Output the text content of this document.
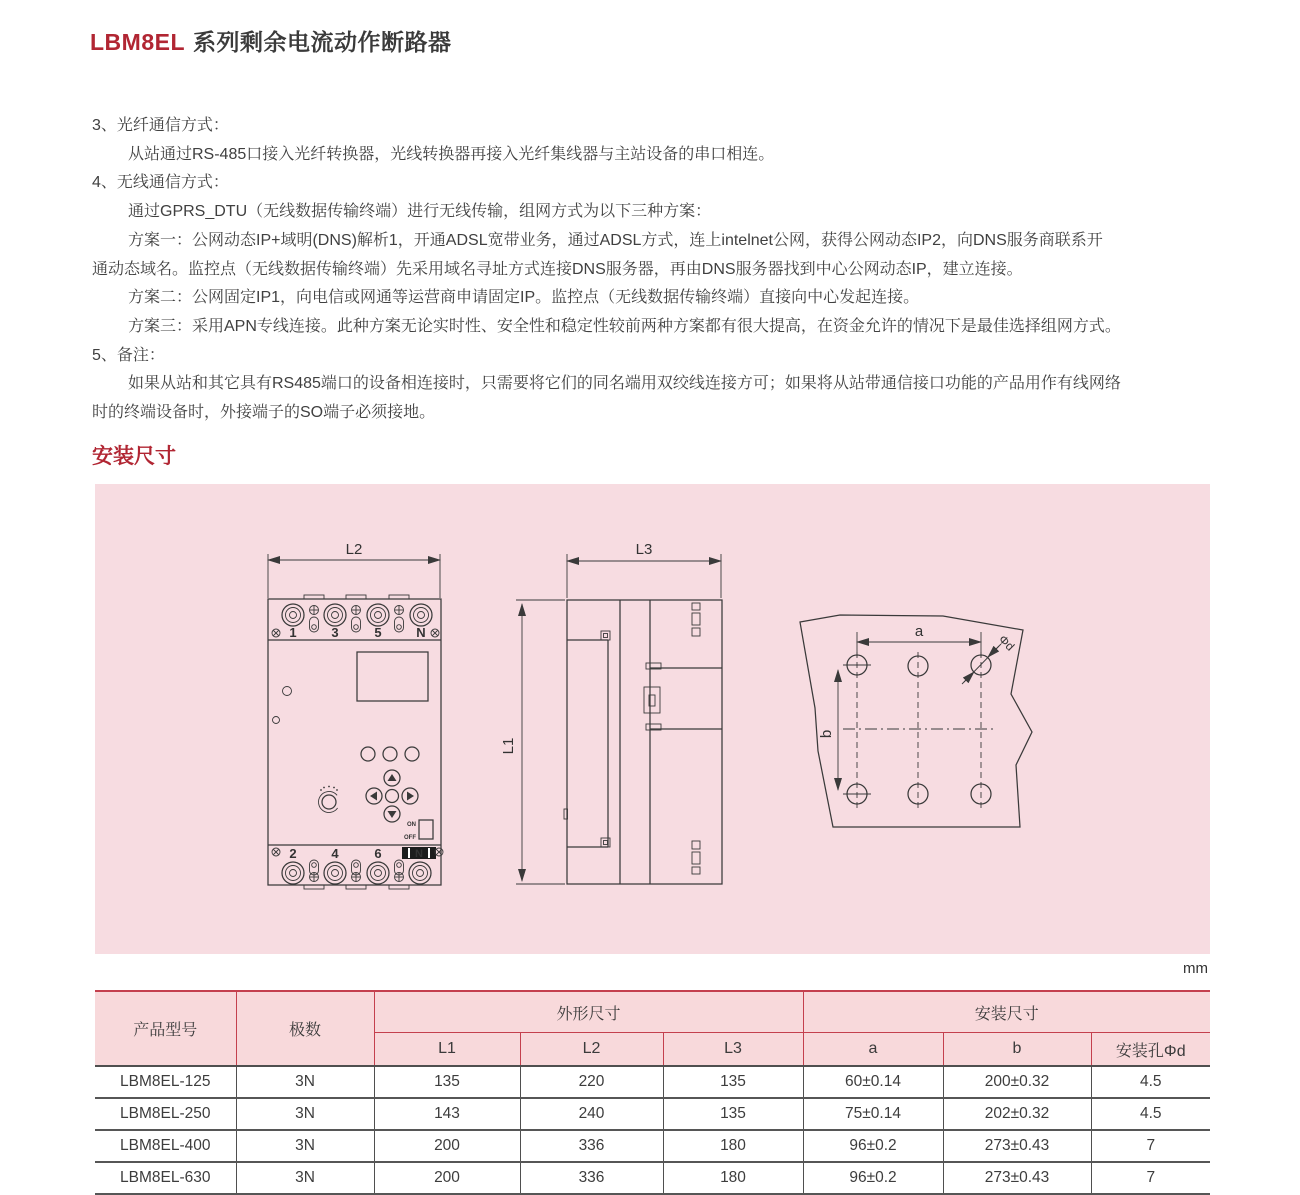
LBM8EL 系列剩余电流动作断路器
3、光纤通信方式：
从站通过RS-485口接入光纤转换器，光线转换器再接入光纤集线器与主站设备的串口相连。
4、无线通信方式：
通过GPRS_DTU（无线数据传输终端）进行无线传输，组网方式为以下三种方案：
方案一：公网动态IP+域明(DNS)解析1，开通ADSL宽带业务，通过ADSL方式，连上intelnet公网，获得公网动态IP2，向DNS服务商联系开
通动态域名。监控点（无线数据传输终端）先采用域名寻址方式连接DNS服务器，再由DNS服务器找到中心公网动态IP，建立连接。
方案二：公网固定IP1，向电信或网通等运营商申请固定IP。监控点（无线数据传输终端）直接向中心发起连接。
方案三：采用APN专线连接。此种方案无论实时性、安全性和稳定性较前两种方案都有很大提高，在资金允许的情况下是最佳选择组网方式。
5、备注：
如果从站和其它具有RS485端口的设备相连接时，只需要将它们的同名端用双绞线连接方可；如果将从站带通信接口功能的产品用作有线网络
时的终端设备时，外接端子的SO端子必须接地。
安装尺寸
L2
1	3	5	N
ON
OFF
2	4	6	N
L3
L1
a
b
Φd
mm
产品型号	极数	外形尺寸			安装尺寸		
		L1	L2	L3	a	b	安装孔Φd
LBM8EL-125	3N	135	220	135	60±0.14	200±0.32	4.5
LBM8EL-250	3N	143	240	135	75±0.14	202±0.32	4.5
LBM8EL-400	3N	200	336	180	96±0.2	273±0.43	7
LBM8EL-630	3N	200	336	180	96±0.2	273±0.43	7
